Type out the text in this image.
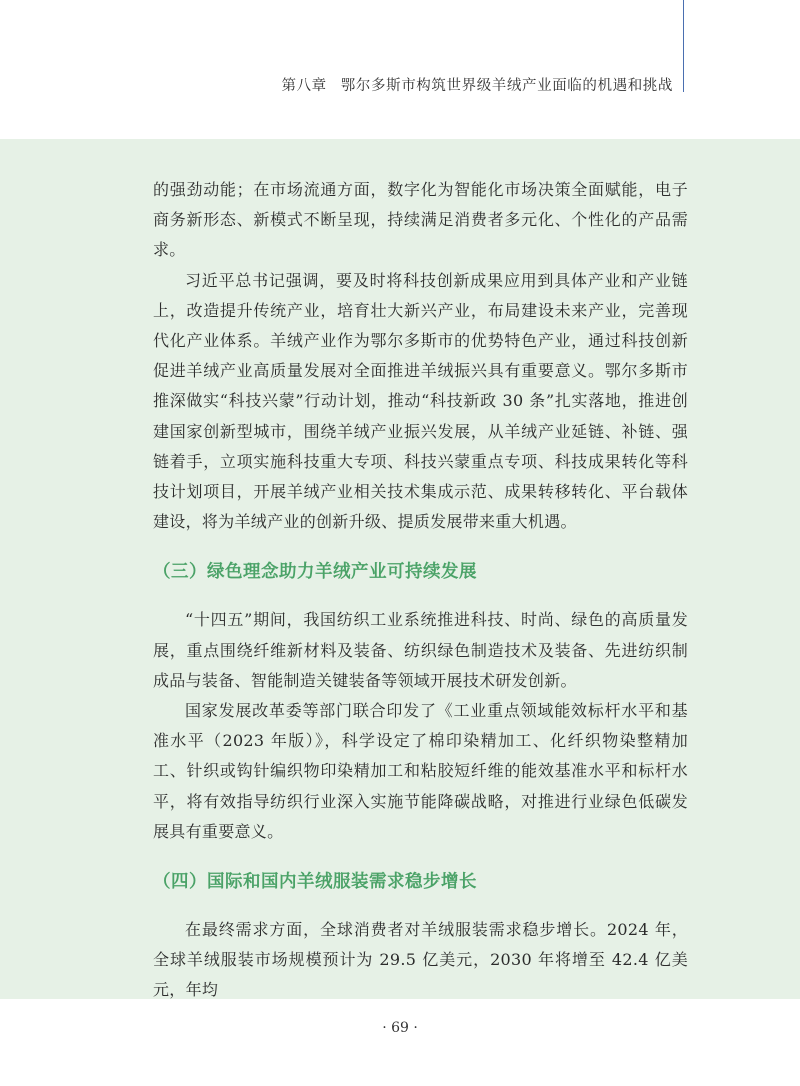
第八章 鄂尔多斯市构筑世界级羊绒产业面临的机遇和挑战

的强劲动能；在市场流通方面，数字化为智能化市场决策全面赋能，电子商务新形态、新模式不断呈现，持续满足消费者多元化、个性化的产品需求。

习近平总书记强调，要及时将科技创新成果应用到具体产业和产业链上，改造提升传统产业，培育壮大新兴产业，布局建设未来产业，完善现代化产业体系。羊绒产业作为鄂尔多斯市的优势特色产业，通过科技创新促进羊绒产业高质量发展对全面推进羊绒振兴具有重要意义。鄂尔多斯市推深做实“科技兴蒙”行动计划，推动“科技新政 30 条”扎实落地，推进创建国家创新型城市，围绕羊绒产业振兴发展，从羊绒产业延链、补链、强链着手，立项实施科技重大专项、科技兴蒙重点专项、科技成果转化等科技计划项目，开展羊绒产业相关技术集成示范、成果转移转化、平台载体建设，将为羊绒产业的创新升级、提质发展带来重大机遇。

（三）绿色理念助力羊绒产业可持续发展

“十四五”期间，我国纺织工业系统推进科技、时尚、绿色的高质量发展，重点围绕纤维新材料及装备、纺织绿色制造技术及装备、先进纺织制成品与装备、智能制造关键装备等领域开展技术研发创新。

国家发展改革委等部门联合印发了《工业重点领域能效标杆水平和基准水平（2023 年版）》，科学设定了棉印染精加工、化纤织物染整精加工、针织或钩针编织物印染精加工和粘胶短纤维的能效基准水平和标杆水平，将有效指导纺织行业深入实施节能降碳战略，对推进行业绿色低碳发展具有重要意义。

（四）国际和国内羊绒服装需求稳步增长

在最终需求方面，全球消费者对羊绒服装需求稳步增长。2024 年，全球羊绒服装市场规模预计为 29.5 亿美元，2030 年将增至 42.4 亿美元，年均

· 69 ·
